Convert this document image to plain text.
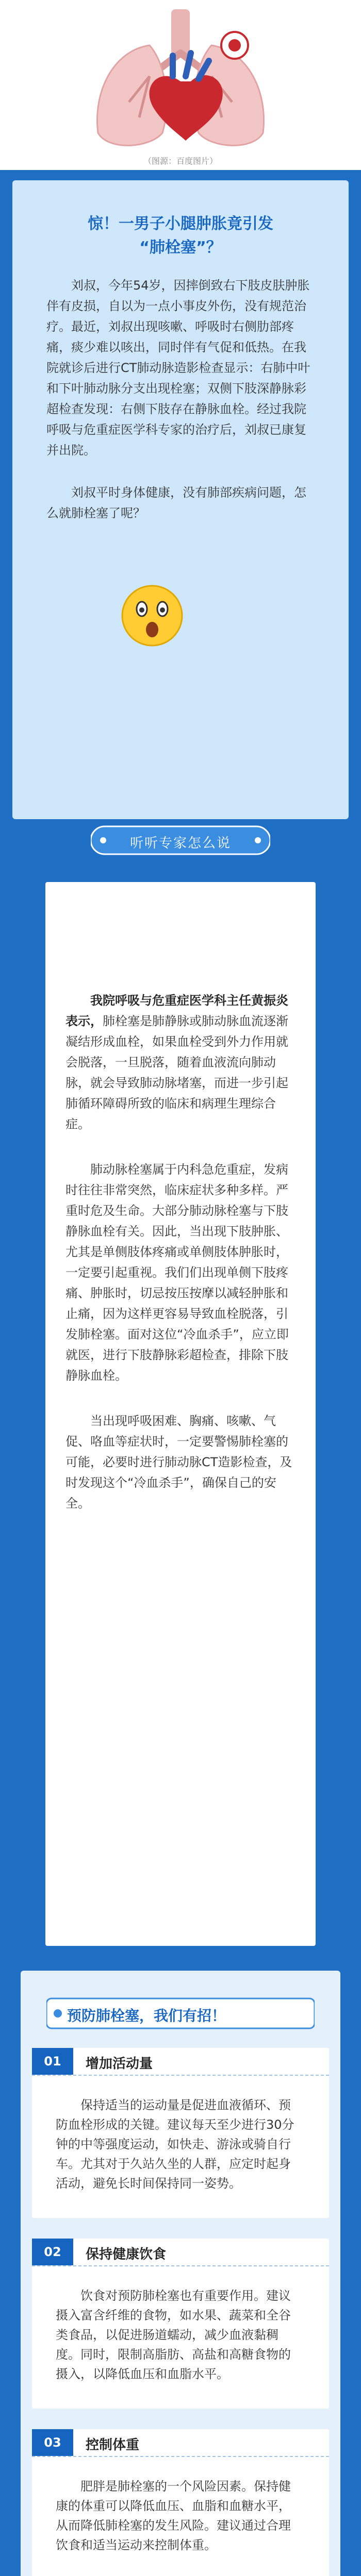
（图源：百度图片）
惊！一男子小腿肿胀竟引发
“肺栓塞”？

刘叔，今年54岁，因摔倒致右下肢皮肤肿胀伴有皮损，自以为一点小事皮外伤，没有规范治疗。最近，刘叔出现咳嗽、呼吸时右侧肋部疼痛，痰少难以咳出，同时伴有气促和低热。在我院就诊后进行CT肺动脉造影检查显示：右肺中叶和下叶肺动脉分支出现栓塞；双侧下肢深静脉彩超检查发现：右侧下肢存在静脉血栓。经过我院呼吸与危重症医学科专家的治疗后，刘叔已康复并出院。

刘叔平时身体健康，没有肺部疾病问题，怎么就肺栓塞了呢？

听听专家怎么说

我院呼吸与危重症医学科主任黄振炎表示，肺栓塞是肺静脉或肺动脉血流逐渐凝结形成血栓，如果血栓受到外力作用就会脱落，一旦脱落，随着血液流向肺动脉，就会导致肺动脉堵塞，而进一步引起肺循环障碍所致的临床和病理生理综合症。

肺动脉栓塞属于内科急危重症，发病时往往非常突然，临床症状多种多样。严重时危及生命。大部分肺动脉栓塞与下肢静脉血栓有关。因此，当出现下肢肿胀、尤其是单侧肢体疼痛或单侧肢体肿胀时，一定要引起重视。我们们出现单侧下肢疼痛、肿胀时，切忌按压按摩以减轻肿胀和止痛，因为这样更容易导致血栓脱落，引发肺栓塞。面对这位“冷血杀手”，应立即就医，进行下肢静脉彩超检查，排除下肢静脉血栓。

当出现呼吸困难、胸痛、咳嗽、气促、咯血等症状时，一定要警惕肺栓塞的可能，必要时进行肺动脉CT造影检查，及时发现这个“冷血杀手”，确保自己的安全。

预防肺栓塞，我们有招！
01	增加活动量
保持适当的运动量是促进血液循环、预防血栓形成的关键。建议每天至少进行30分钟的中等强度运动，如快走、游泳或骑自行车。尤其对于久站久坐的人群，应定时起身活动，避免长时间保持同一姿势。
02	保持健康饮食
饮食对预防肺栓塞也有重要作用。建议摄入富含纤维的食物，如水果、蔬菜和全谷类食品，以促进肠道蠕动，减少血液黏稠度。同时，限制高脂肪、高盐和高糖食物的摄入，以降低血压和血脂水平。
03	控制体重
肥胖是肺栓塞的一个风险因素。保持健康的体重可以降低血压、血脂和血糖水平，从而降低肺栓塞的发生风险。建议通过合理饮食和适当运动来控制体重。
